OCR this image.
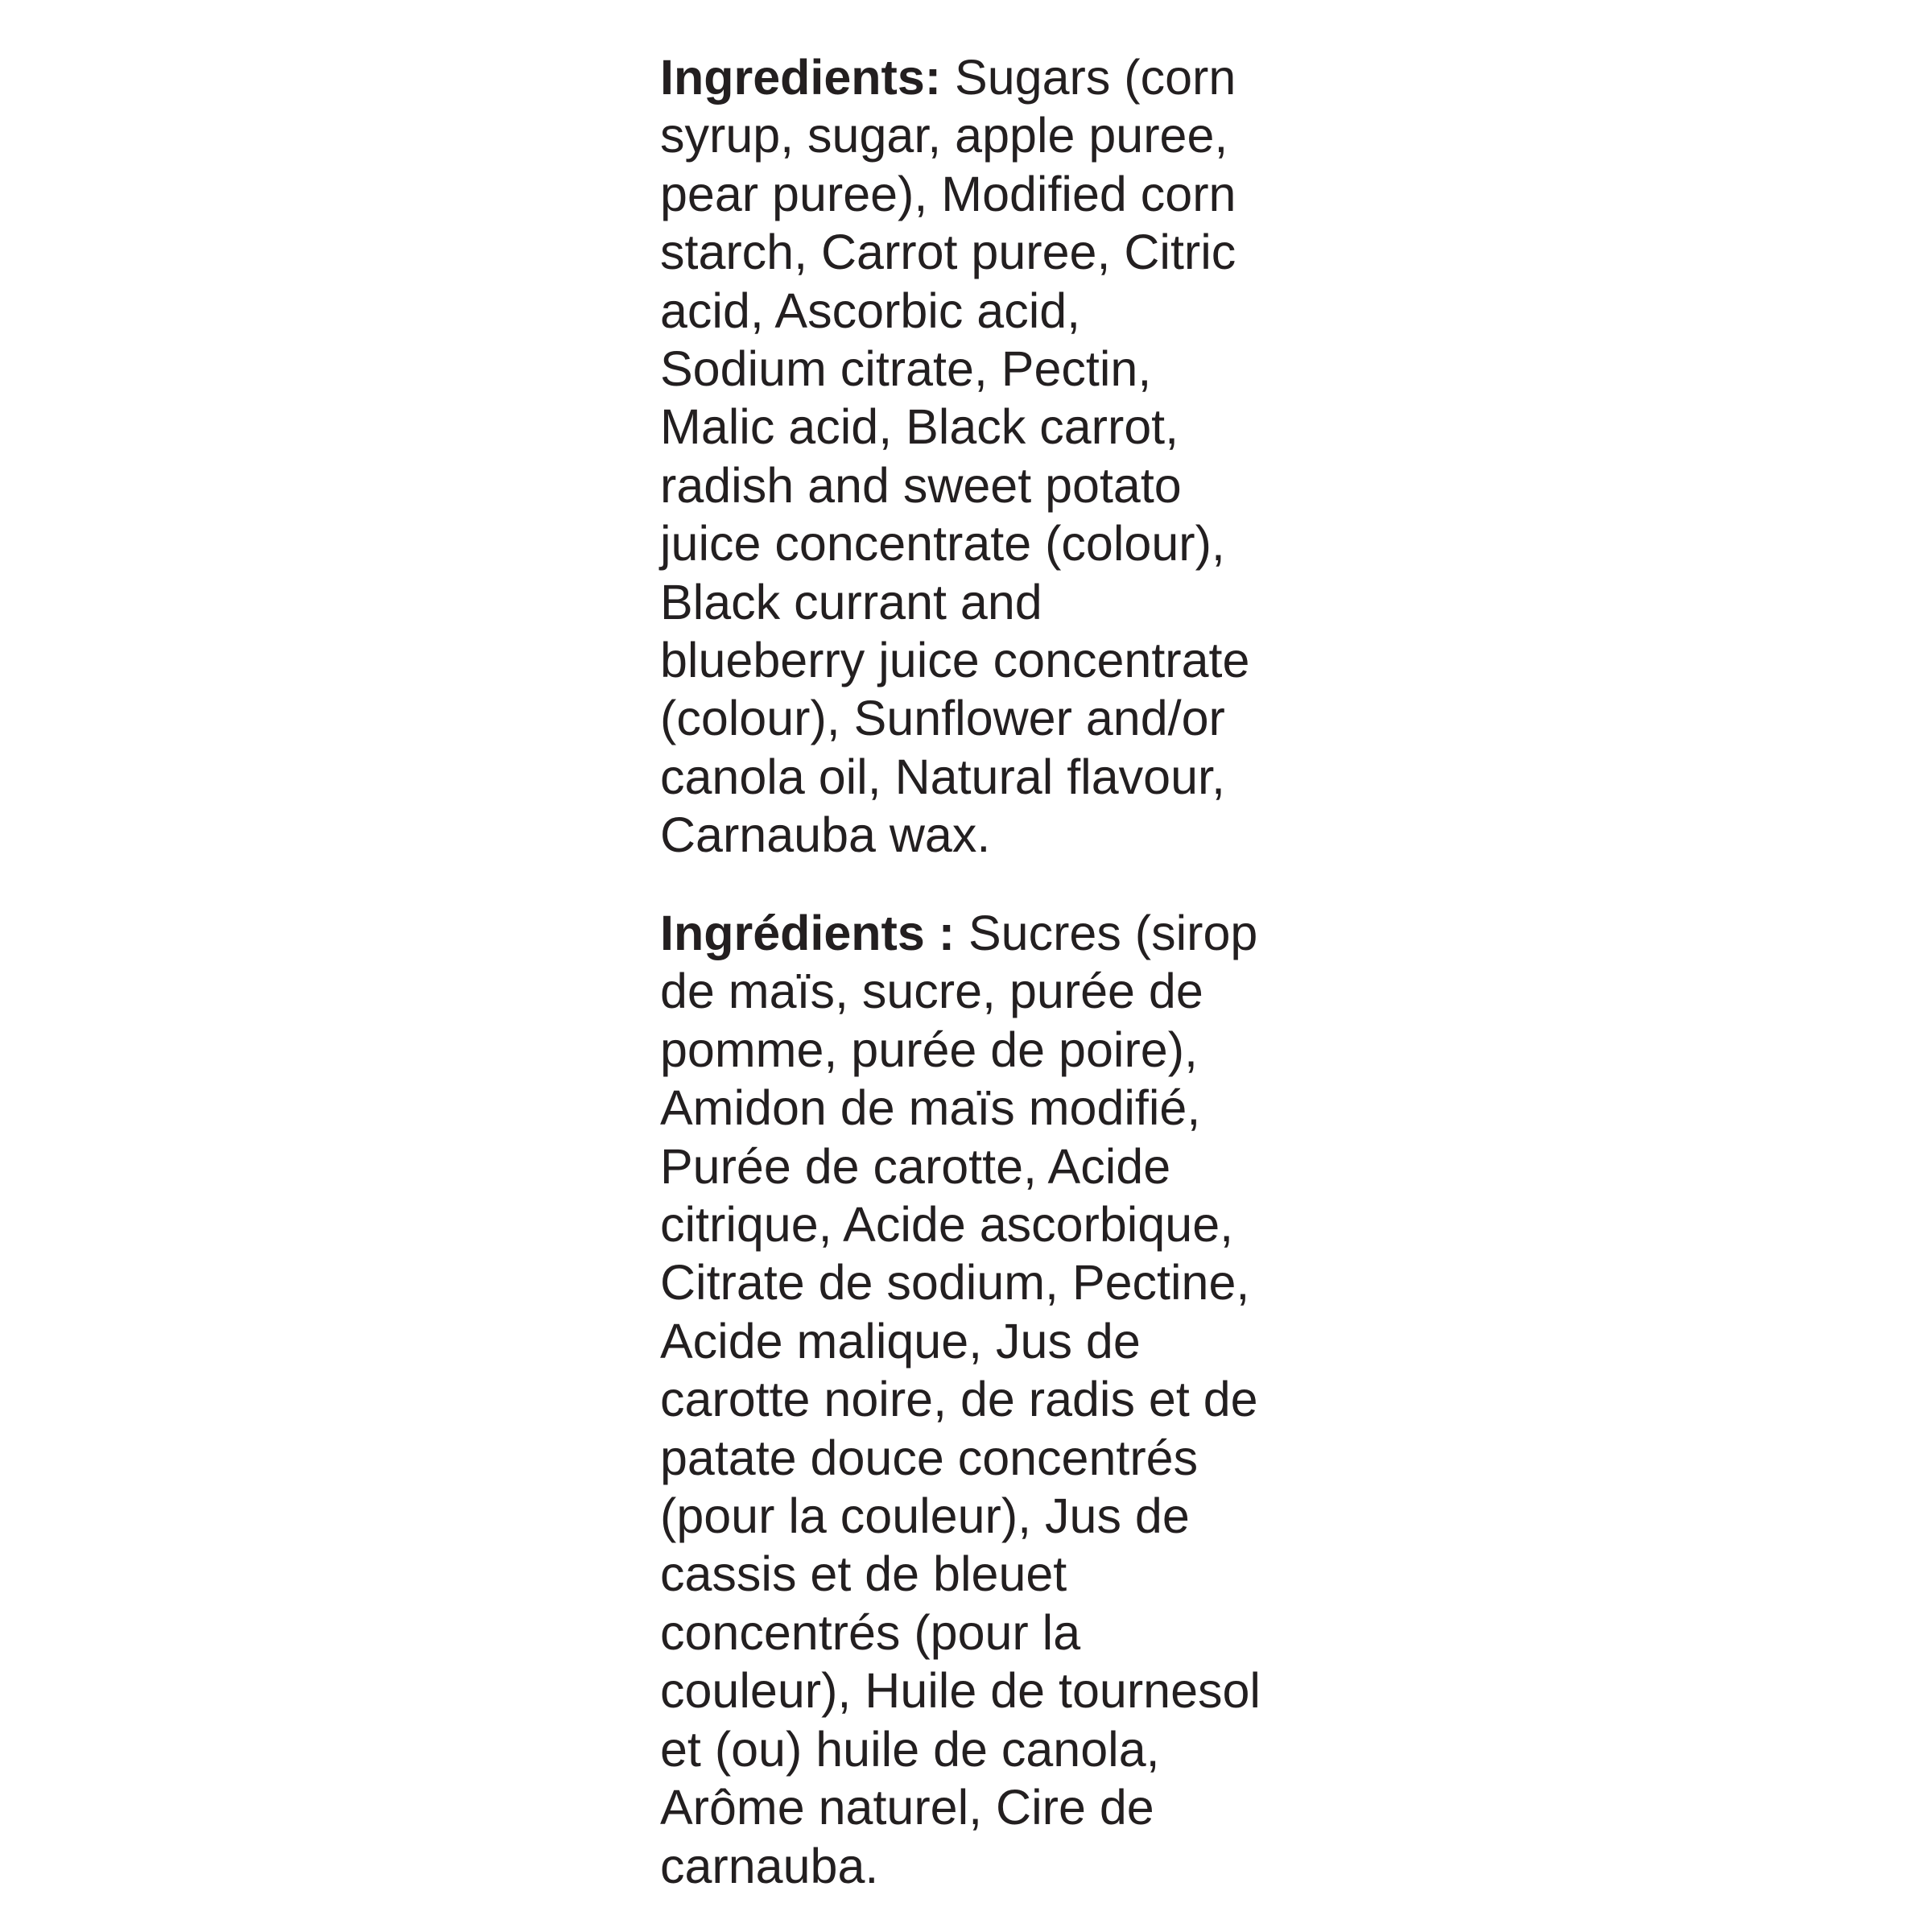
Ingredients: Sugars (corn
syrup, sugar, apple puree,
pear puree), Modified corn
starch, Carrot puree, Citric
acid, Ascorbic acid,
Sodium citrate, Pectin,
Malic acid, Black carrot,
radish and sweet potato
juice concentrate (colour),
Black currant and
blueberry juice concentrate
(colour), Sunflower and/or
canola oil, Natural flavour,
Carnauba wax.

Ingrédients : Sucres (sirop
de maïs, sucre, purée de
pomme, purée de poire),
Amidon de maïs modifié,
Purée de carotte, Acide
citrique, Acide ascorbique,
Citrate de sodium, Pectine,
Acide malique, Jus de
carotte noire, de radis et de
patate douce concentrés
(pour la couleur), Jus de
cassis et de bleuet
concentrés (pour la
couleur), Huile de tournesol
et (ou) huile de canola,
Arôme naturel, Cire de
carnauba.
